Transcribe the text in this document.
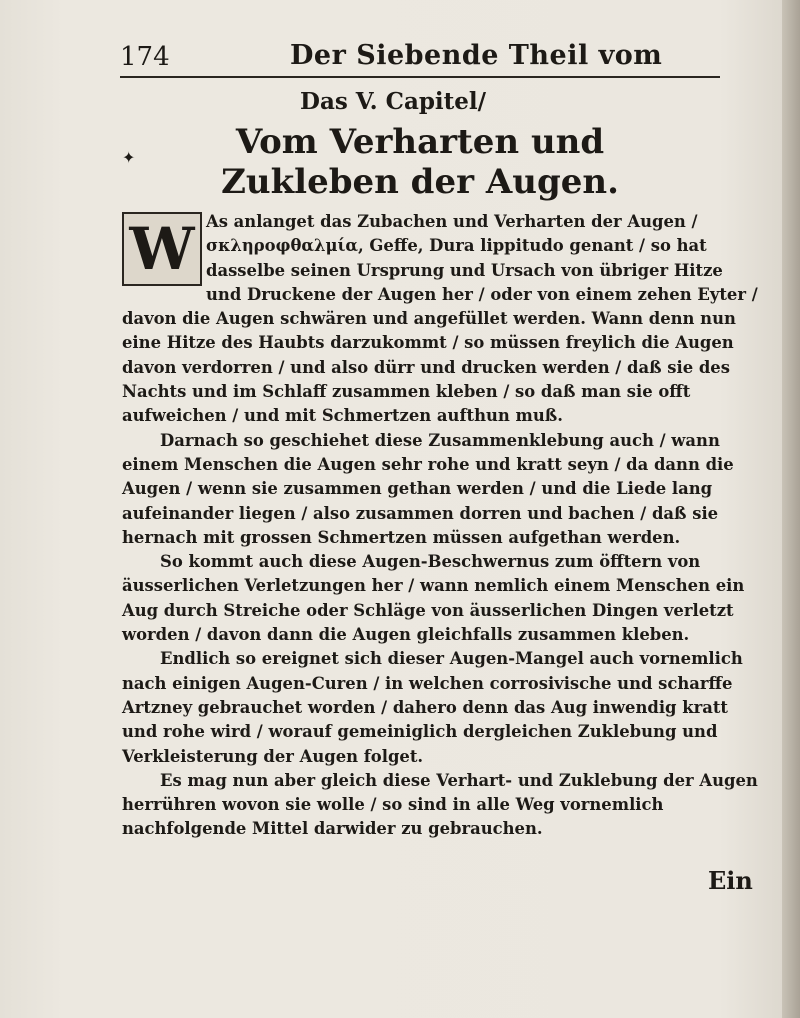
174	Der Siebende Theil vom
Das V. Capitel/
✦	Vom Verharten und Zukleben der Augen.
W As anlanget das Zubachen und Verharten der Augen / σκληροφθαλμία, Geffe, Dura lippitudo genant / so hat dasselbe seinen Ursprung und Ursach von übriger Hitze und Druckene der Augen her / oder von einem zehen Eyter / davon die Augen schwären und angefüllet werden. Wann denn nun eine Hitze des Haubts darzukommt / so müssen freylich die Augen davon verdorren / und also dürr und drucken werden / daß sie des Nachts und im Schlaff zusammen kleben / so daß man sie offt aufweichen / und mit Schmertzen aufthun muß.

Darnach so geschiehet diese Zusammenklebung auch / wann einem Menschen die Augen sehr rohe und kratt seyn / da dann die Augen / wenn sie zusammen gethan werden / und die Liede lang aufeinander liegen / also zusammen dorren und bachen / daß sie hernach mit grossen Schmertzen müssen aufgethan werden.

So kommt auch diese Augen-Beschwernus zum öfftern von äusserlichen Verletzungen her / wann nemlich einem Menschen ein Aug durch Streiche oder Schläge von äusserlichen Dingen verletzt worden / davon dann die Augen gleichfalls zusammen kleben.

Endlich so ereignet sich dieser Augen-Mangel auch vornemlich nach einigen Augen-Curen / in welchen corrosivische und scharffe Artzney gebrauchet worden / dahero denn das Aug inwendig kratt und rohe wird / worauf gemeiniglich dergleichen Zuklebung und Verkleisterung der Augen folget.

Es mag nun aber gleich diese Verhart- und Zuklebung der Augen herrühren wovon sie wolle / so sind in alle Weg vornemlich nachfolgende Mittel darwider zu gebrauchen.

Ein
